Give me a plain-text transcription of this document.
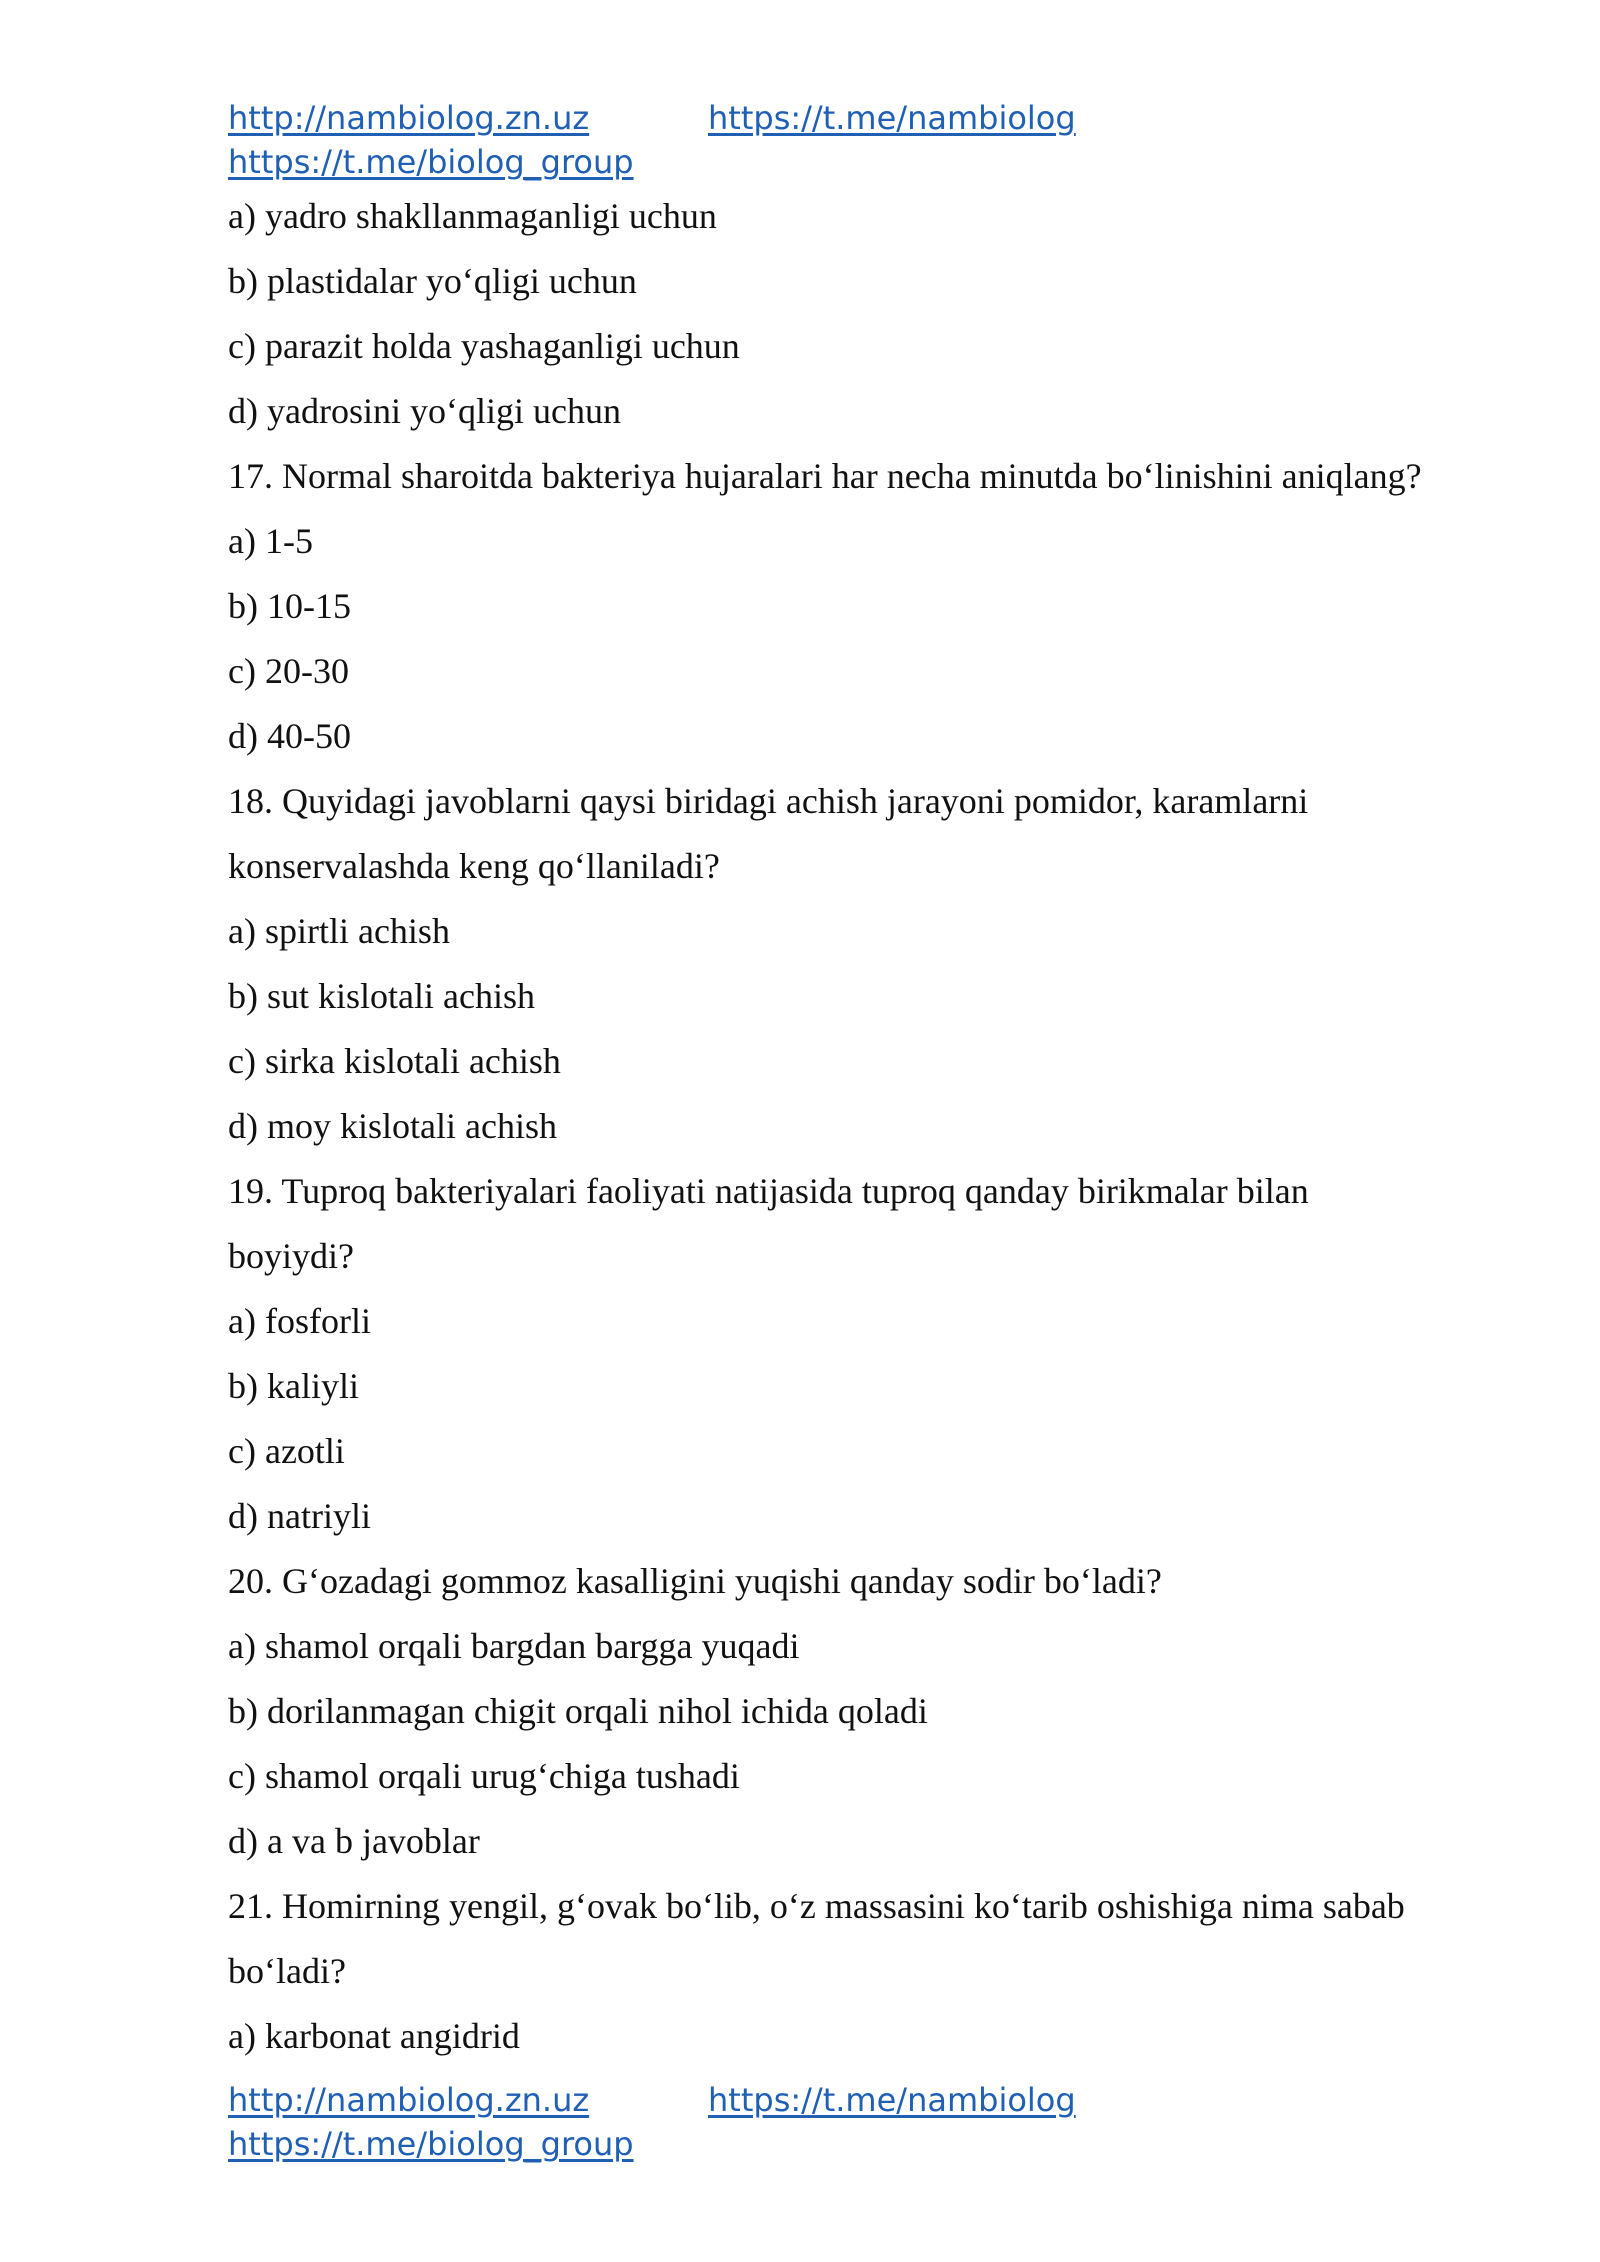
http://nambiolog.zn.uz	https://t.me/nambiolog
https://t.me/biolog_group

a) yadro shakllanmaganligi uchun

b) plastidalar yo‘qligi uchun

c) parazit holda yashaganligi uchun

d) yadrosini yo‘qligi uchun

17. Normal sharoitda bakteriya hujaralari har necha minutda bo‘linishini aniqlang?

a) 1-5

b) 10-15

c) 20-30

d) 40-50

18. Quyidagi javoblarni qaysi biridagi achish jarayoni pomidor, karamlarni

konservalashda keng qo‘llaniladi?

a) spirtli achish

b) sut kislotali achish

c) sirka kislotali achish

d) moy kislotali achish

19. Tuproq bakteriyalari faoliyati natijasida tuproq qanday birikmalar bilan

boyiydi?

a) fosforli

b) kaliyli

c) azotli

d) natriyli

20. G‘ozadagi gommoz kasalligini yuqishi qanday sodir bo‘ladi?

a) shamol orqali bargdan bargga yuqadi

b) dorilanmagan chigit orqali nihol ichida qoladi

c) shamol orqali urug‘chiga tushadi

d) a va b javoblar

21. Homirning yengil, g‘ovak bo‘lib, o‘z massasini ko‘tarib oshishiga nima sabab

bo‘ladi?

a) karbonat angidrid

http://nambiolog.zn.uz	https://t.me/nambiolog
https://t.me/biolog_group
